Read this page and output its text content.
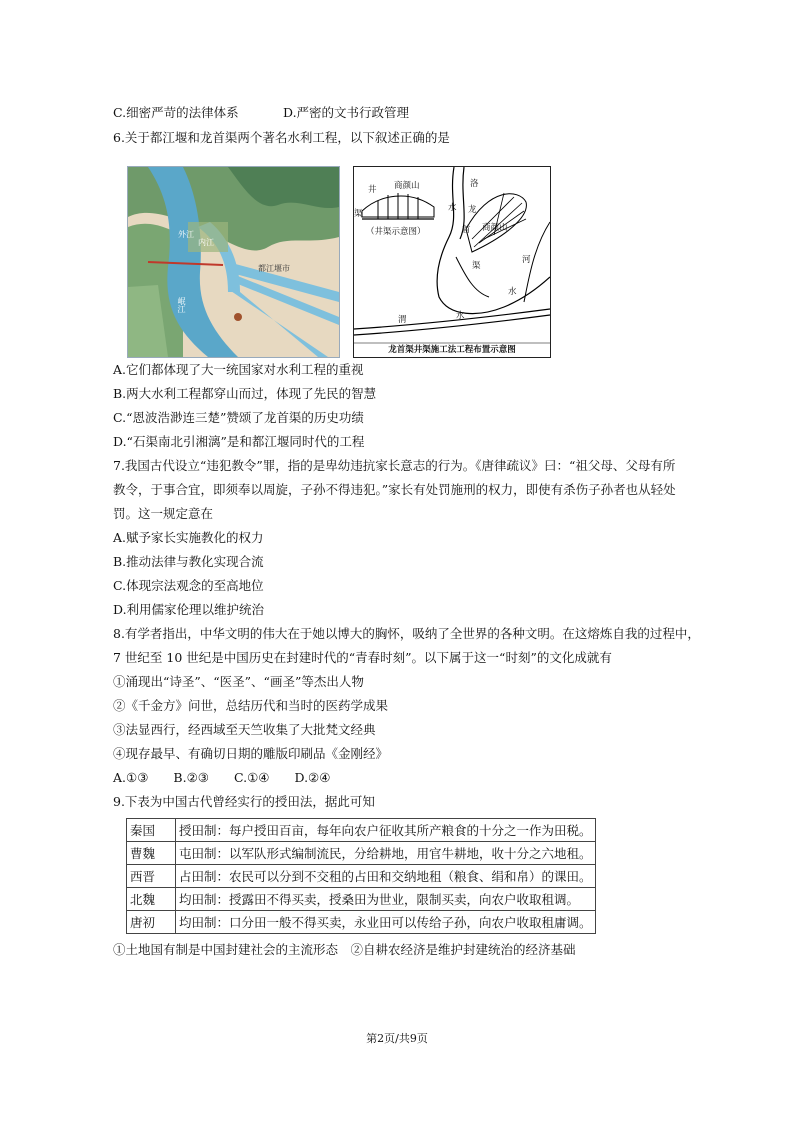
C.细密严苛的法律体系	D.严密的文书行政管理
6.关于都江堰和龙首渠两个著名水利工程，以下叙述正确的是
外江
内江
岷江
都江堰市
井 商颜山
渠
（井渠示意图）
洛
水 龙
首 商颜山
渠
河
水
渭	水
龙首渠井渠施工法工程布置示意图
A.它们都体现了大一统国家对水利工程的重视
B.两大水利工程都穿山而过，体现了先民的智慧
C.“恩波浩渺连三楚”赞颂了龙首渠的历史功绩
D.“石渠南北引湘漓”是和都江堰同时代的工程
7.我国古代设立“违犯教令”罪，指的是卑幼违抗家长意志的行为。《唐律疏议》曰：“祖父母、父母有所
教令，于事合宜，即须奉以周旋，子孙不得违犯。”家长有处罚施刑的权力，即使有杀伤子孙者也从轻处
罚。这一规定意在
A.赋予家长实施教化的权力
B.推动法律与教化实现合流
C.体现宗法观念的至高地位
D.利用儒家伦理以维护统治
8.有学者指出，中华文明的伟大在于她以博大的胸怀，吸纳了全世界的各种文明。在这熔炼自我的过程中，
7 世纪至 10 世纪是中国历史在封建时代的“青春时刻”。以下属于这一“时刻”的文化成就有
①涌现出“诗圣”、“医圣”、“画圣”等杰出人物
②《千金方》问世，总结历代和当时的医药学成果
③法显西行，经西域至天竺收集了大批梵文经典
④现存最早、有确切日期的雕版印刷品《金刚经》
A.①③　　B.②③　　C.①④　　D.②④
9.下表为中国古代曾经实行的授田法，据此可知
秦国	授田制：每户授田百亩，每年向农户征收其所产粮食的十分之一作为田税。
曹魏	屯田制：以军队形式编制流民，分给耕地，用官牛耕地，收十分之六地租。
西晋	占田制：农民可以分到不交租的占田和交纳地租（粮食、绢和帛）的课田。
北魏	均田制：授露田不得买卖，授桑田为世业，限制买卖，向农户收取租调。
唐初	均田制：口分田一般不得买卖，永业田可以传给子孙，向农户收取租庸调。
①土地国有制是中国封建社会的主流形态　②自耕农经济是维护封建统治的经济基础
第2页/共9页
